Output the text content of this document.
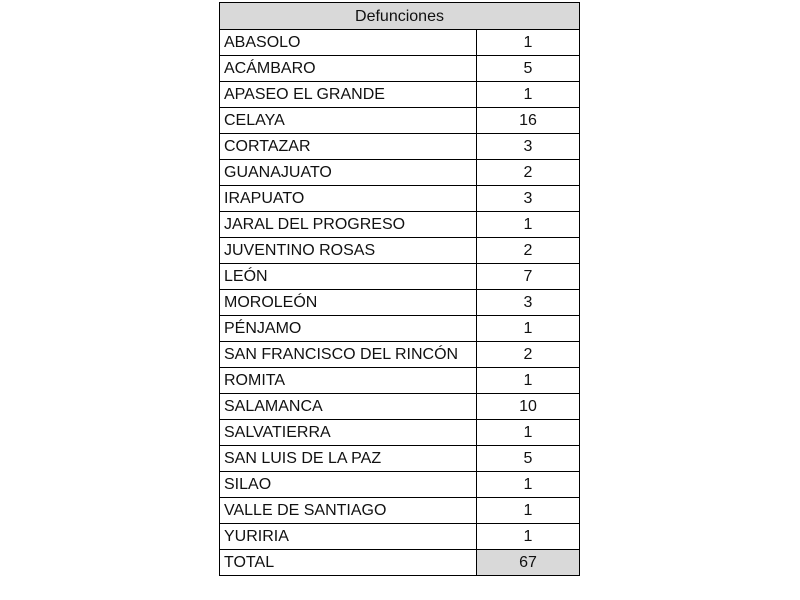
Defunciones	
ABASOLO	1
ACÁMBARO	5
APASEO EL GRANDE	1
CELAYA	16
CORTAZAR	3
GUANAJUATO	2
IRAPUATO	3
JARAL DEL PROGRESO	1
JUVENTINO ROSAS	2
LEÓN	7
MOROLEÓN	3
PÉNJAMO	1
SAN FRANCISCO DEL RINCÓN	2
ROMITA	1
SALAMANCA	10
SALVATIERRA	1
SAN LUIS DE LA PAZ	5
SILAO	1
VALLE DE SANTIAGO	1
YURIRIA	1
TOTAL	67
